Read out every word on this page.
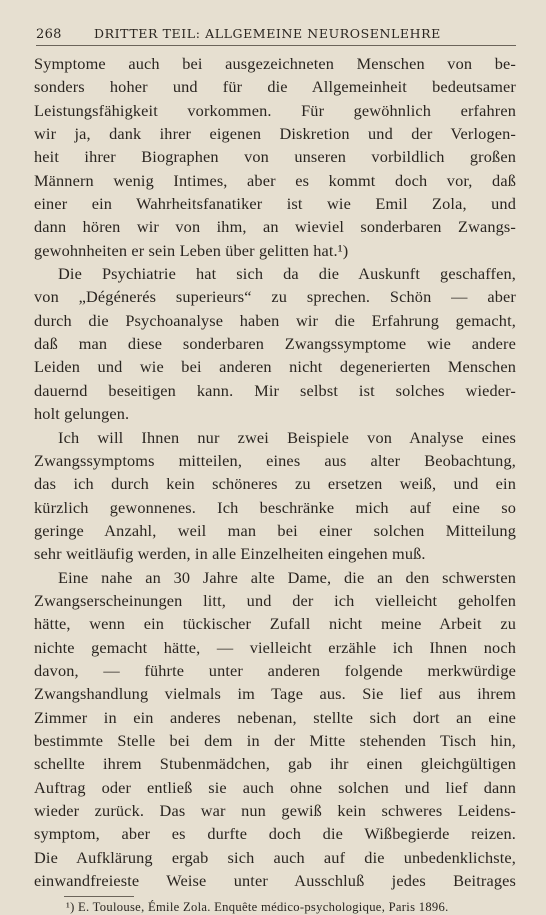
268	DRITTER TEIL: ALLGEMEINE NEUROSENLEHRE

Symptome auch bei ausgezeichneten Menschen von be-

sonders hoher und für die Allgemeinheit bedeutsamer

Leistungsfähigkeit vorkommen. Für gewöhnlich erfahren

wir ja, dank ihrer eigenen Diskretion und der Verlogen-

heit ihrer Biographen von unseren vorbildlich großen

Männern wenig Intimes, aber es kommt doch vor, daß

einer ein Wahrheitsfanatiker ist wie Emil Zola, und

dann hören wir von ihm, an wieviel sonderbaren Zwangs-

gewohnheiten er sein Leben über gelitten hat.¹)

Die Psychiatrie hat sich da die Auskunft geschaffen,

von „Dégénerés superieurs“ zu sprechen. Schön — aber

durch die Psychoanalyse haben wir die Erfahrung gemacht,

daß man diese sonderbaren Zwangssymptome wie andere

Leiden und wie bei anderen nicht degenerierten Menschen

dauernd beseitigen kann. Mir selbst ist solches wieder-

holt gelungen.

Ich will Ihnen nur zwei Beispiele von Analyse eines

Zwangssymptoms mitteilen, eines aus alter Beobachtung,

das ich durch kein schöneres zu ersetzen weiß, und ein

kürzlich gewonnenes. Ich beschränke mich auf eine so

geringe Anzahl, weil man bei einer solchen Mitteilung

sehr weitläufig werden, in alle Einzelheiten eingehen muß.

Eine nahe an 30 Jahre alte Dame, die an den schwersten

Zwangserscheinungen litt, und der ich vielleicht geholfen

hätte, wenn ein tückischer Zufall nicht meine Arbeit zu

nichte gemacht hätte, — vielleicht erzähle ich Ihnen noch

davon, — führte unter anderen folgende merkwürdige

Zwangshandlung vielmals im Tage aus. Sie lief aus ihrem

Zimmer in ein anderes nebenan, stellte sich dort an eine

bestimmte Stelle bei dem in der Mitte stehenden Tisch hin,

schellte ihrem Stubenmädchen, gab ihr einen gleichgültigen

Auftrag oder entließ sie auch ohne solchen und lief dann

wieder zurück. Das war nun gewiß kein schweres Leidens-

symptom, aber es durfte doch die Wißbegierde reizen.

Die Aufklärung ergab sich auch auf die unbedenklichste,

einwandfreieste Weise unter Ausschluß jedes Beitrages

¹) E. Toulouse, Émile Zola. Enquête médico-psychologique, Paris 1896.
